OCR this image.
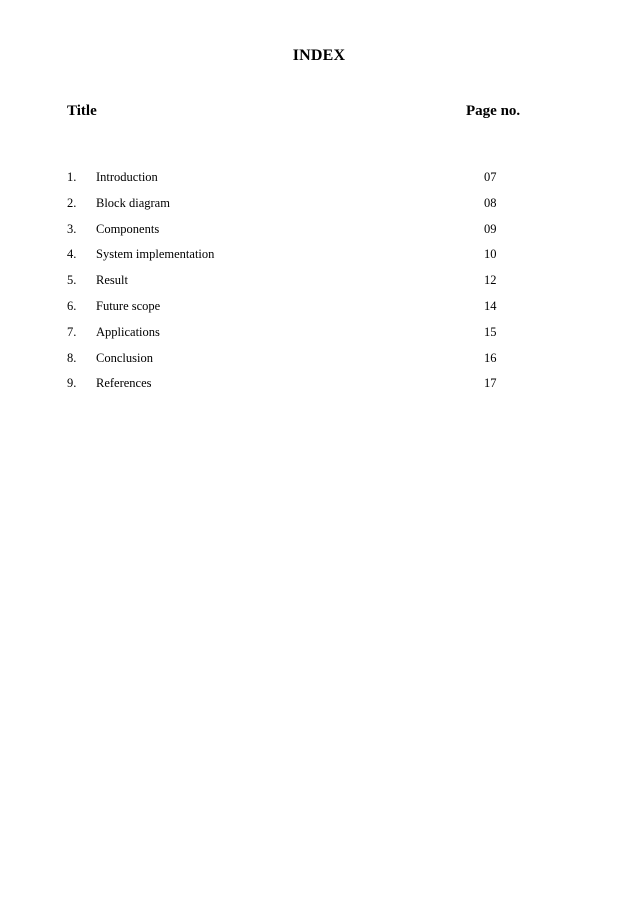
INDEX
Title	Page no.
1. Introduction	07
2. Block diagram	08
3. Components	09
4. System implementation	10
5. Result	12
6. Future scope	14
7. Applications	15
8. Conclusion	16
9. References	17
